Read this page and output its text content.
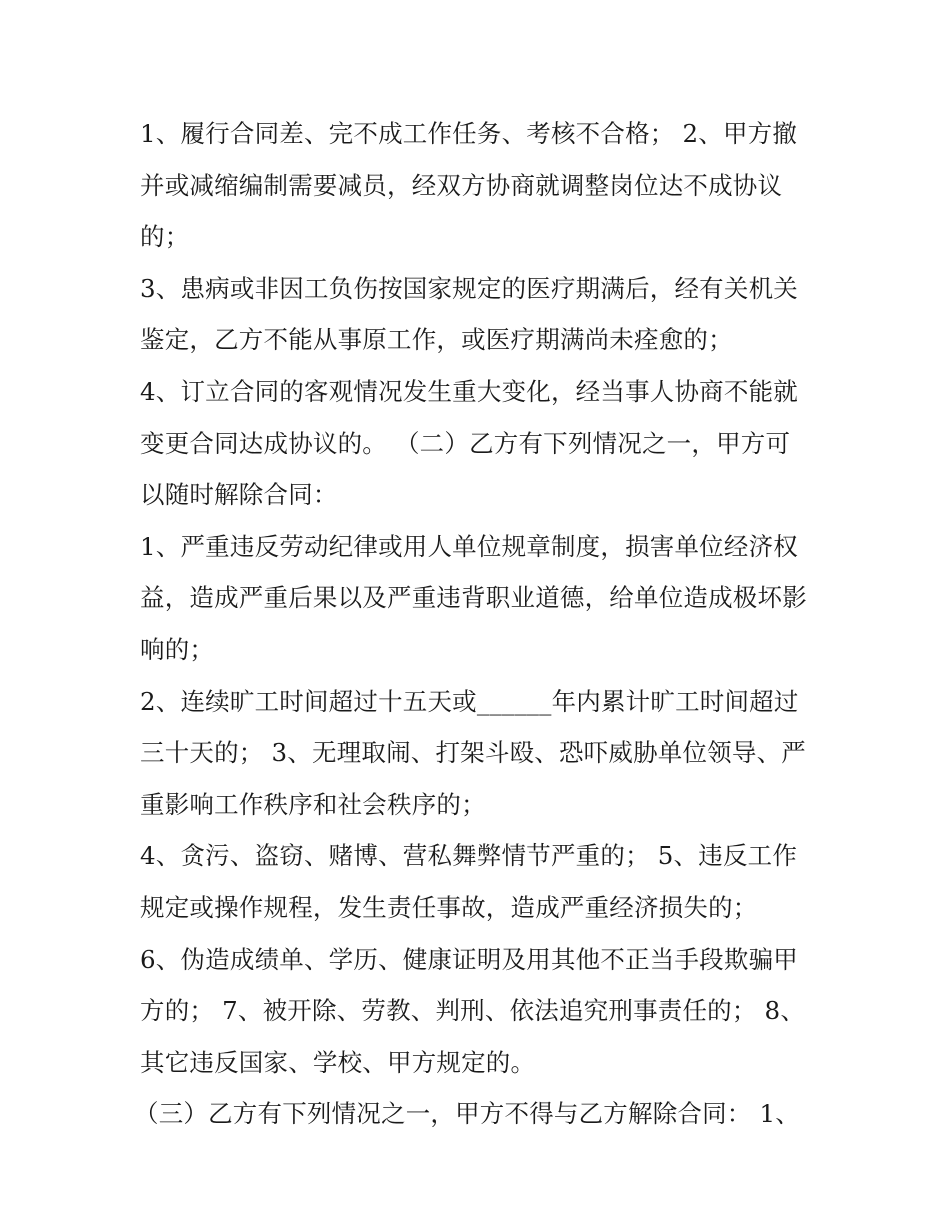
1、履行合同差、完不成工作任务、考核不合格； 2、甲方撤
并或减缩编制需要减员，经双方协商就调整岗位达不成协议
的；
3、患病或非因工负伤按国家规定的医疗期满后，经有关机关
鉴定，乙方不能从事原工作，或医疗期满尚未痊愈的；
4、订立合同的客观情况发生重大变化，经当事人协商不能就
变更合同达成协议的。 （二）乙方有下列情况之一，甲方可
以随时解除合同：
1、严重违反劳动纪律或用人单位规章制度，损害单位经济权
益，造成严重后果以及严重违背职业道德，给单位造成极坏影
响的；
2、连续旷工时间超过十五天或______年内累计旷工时间超过
三十天的； 3、无理取闹、打架斗殴、恐吓威胁单位领导、严
重影响工作秩序和社会秩序的；
4、贪污、盗窃、赌博、营私舞弊情节严重的； 5、违反工作
规定或操作规程，发生责任事故，造成严重经济损失的；
6、伪造成绩单、学历、健康证明及用其他不正当手段欺骗甲
方的； 7、被开除、劳教、判刑、依法追究刑事责任的； 8、
其它违反国家、学校、甲方规定的。
（三）乙方有下列情况之一，甲方不得与乙方解除合同： 1、
